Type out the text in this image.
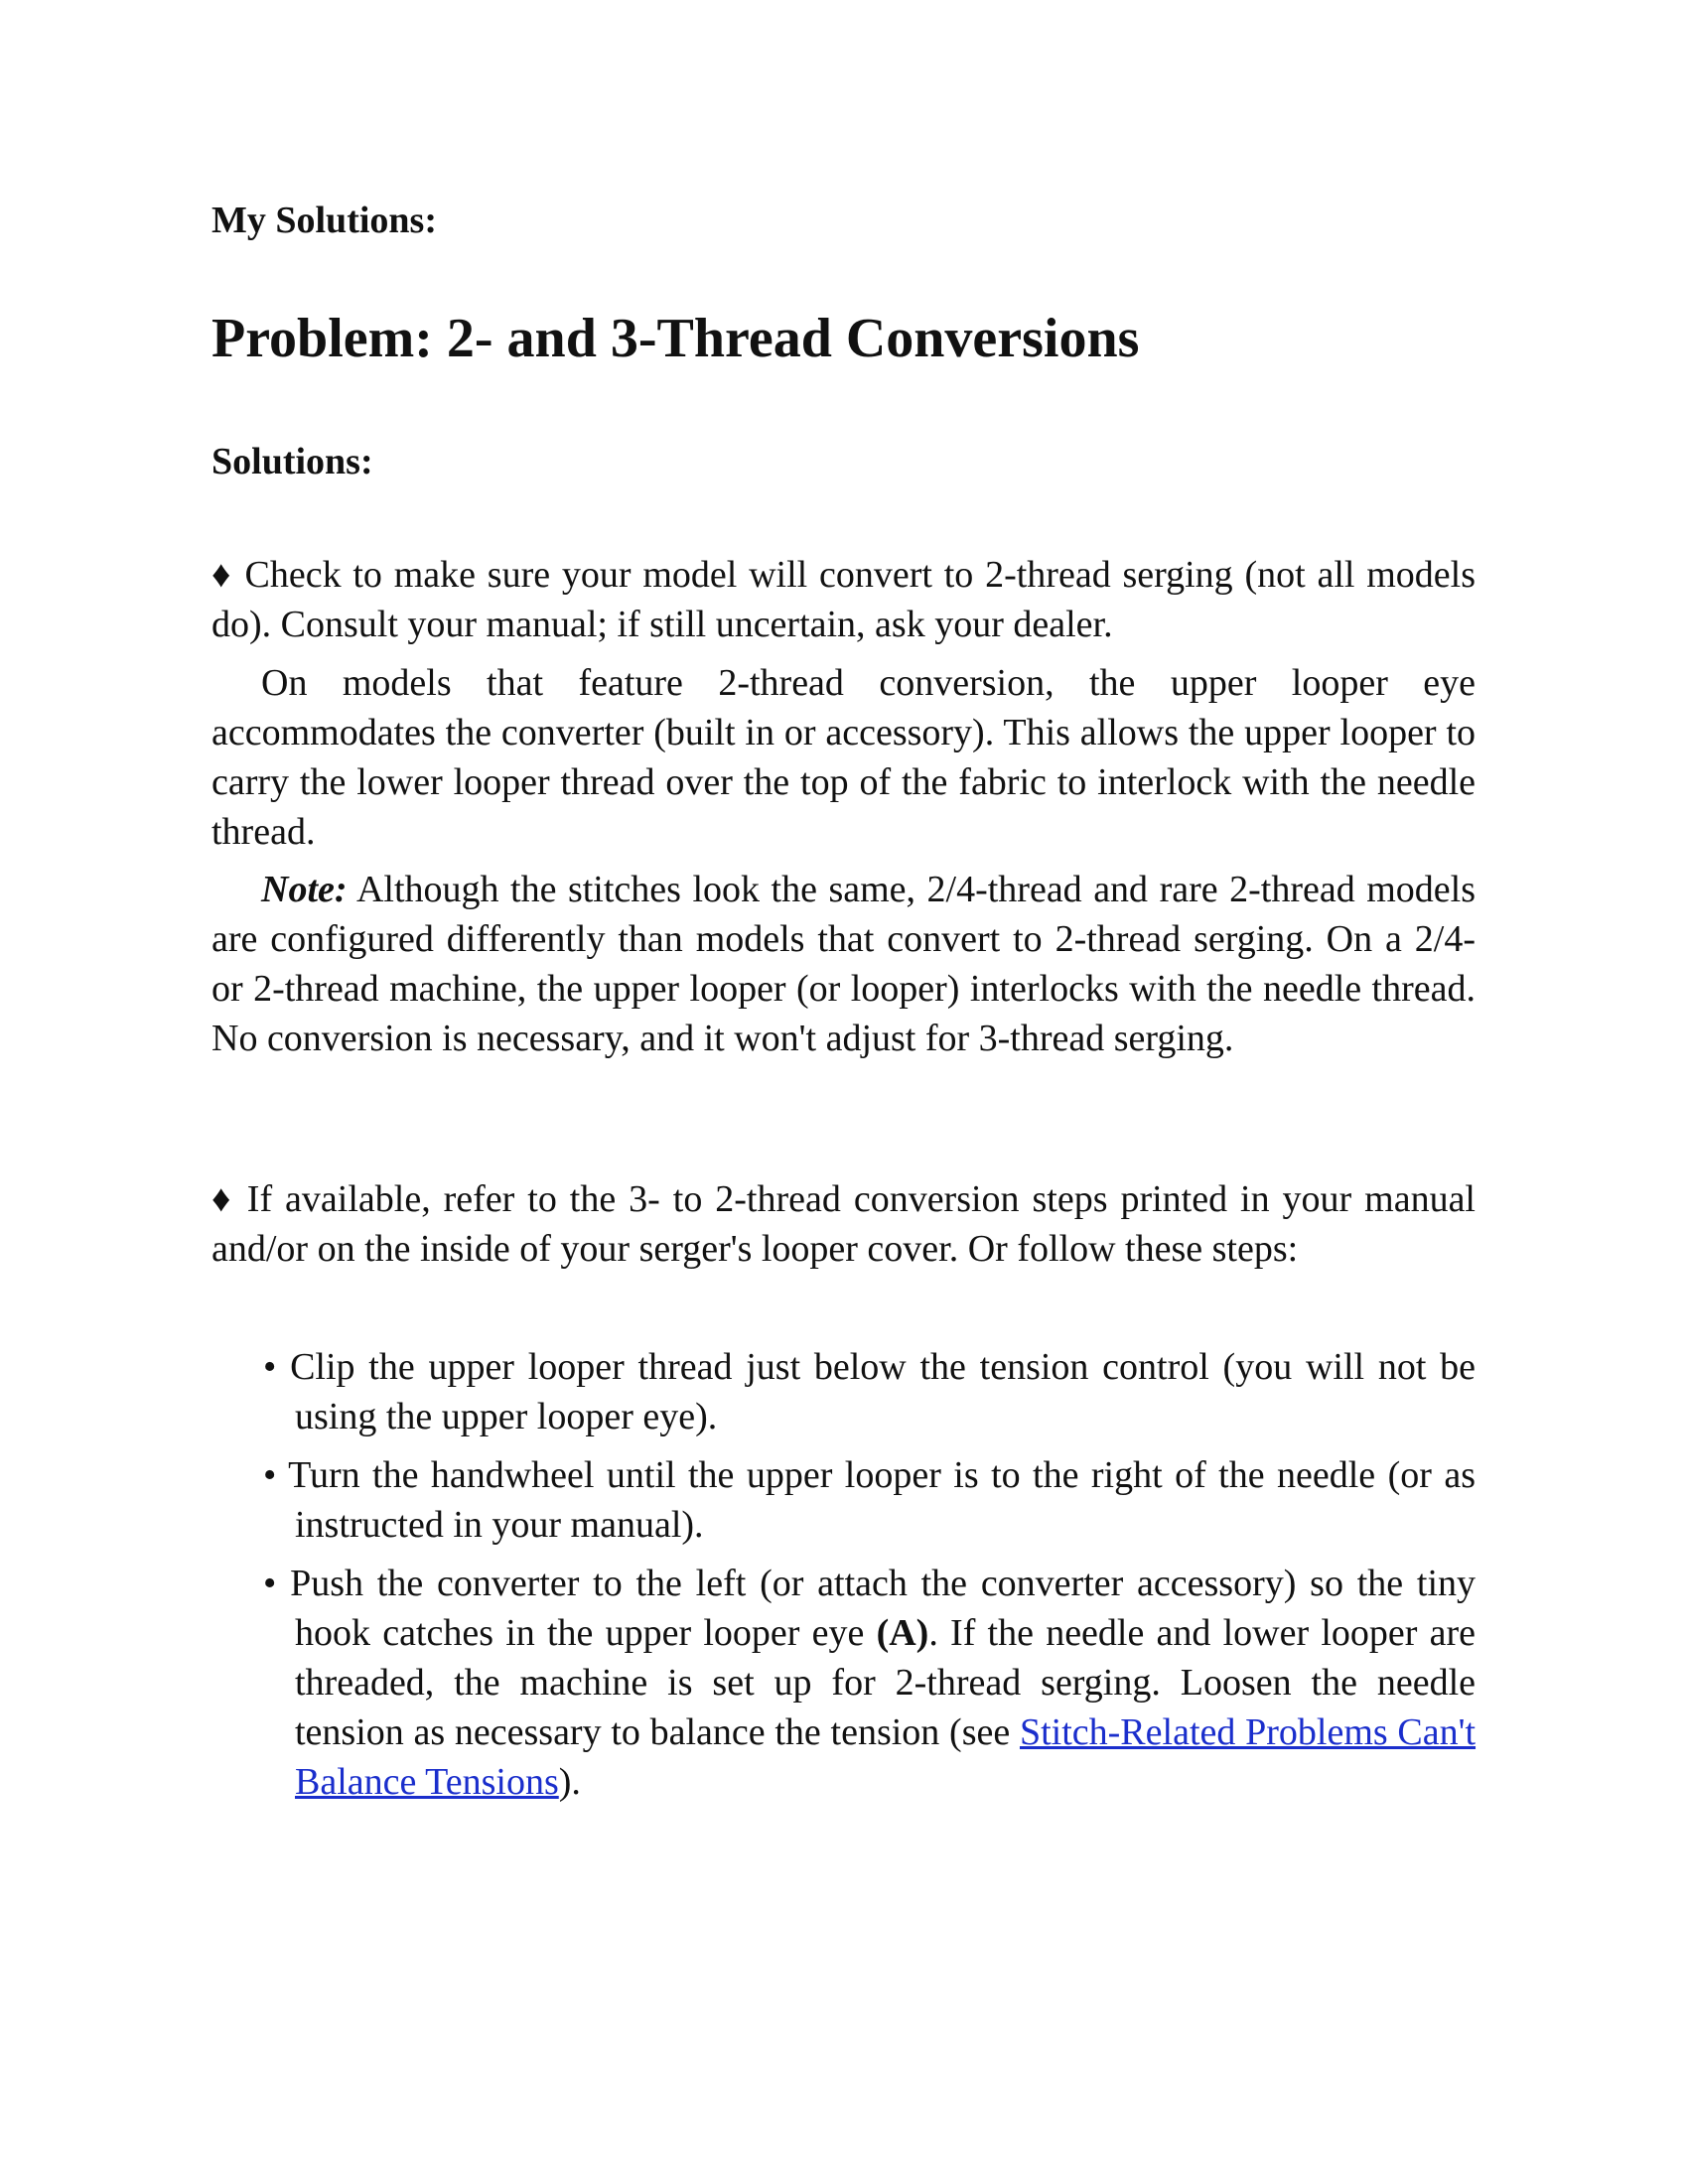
My Solutions:
Problem: 2- and 3-Thread Conversions
Solutions:

♦ Check to make sure your model will convert to 2-thread serging (not all models do). Consult your manual; if still uncertain, ask your dealer.

On models that feature 2-thread conversion, the upper looper eye accommodates the converter (built in or accessory). This allows the upper looper to carry the lower looper thread over the top of the fabric to interlock with the needle thread.

Note: Although the stitches look the same, 2/4-thread and rare 2-thread models are configured differently than models that convert to 2-thread serging. On a 2/4- or 2-thread machine, the upper looper (or looper) interlocks with the needle thread. No conversion is necessary, and it won't adjust for 3-thread serging.

♦ If available, refer to the 3- to 2-thread conversion steps printed in your manual and/or on the inside of your serger's looper cover. Or follow these steps:

• Clip the upper looper thread just below the tension control (you will not be using the upper looper eye).
• Turn the handwheel until the upper looper is to the right of the needle (or as instructed in your manual).
• Push the converter to the left (or attach the converter accessory) so the tiny hook catches in the upper looper eye (A). If the needle and lower looper are threaded, the machine is set up for 2-thread serging. Loosen the needle tension as necessary to balance the tension (see Stitch-Related Problems Can't Balance Tensions).
